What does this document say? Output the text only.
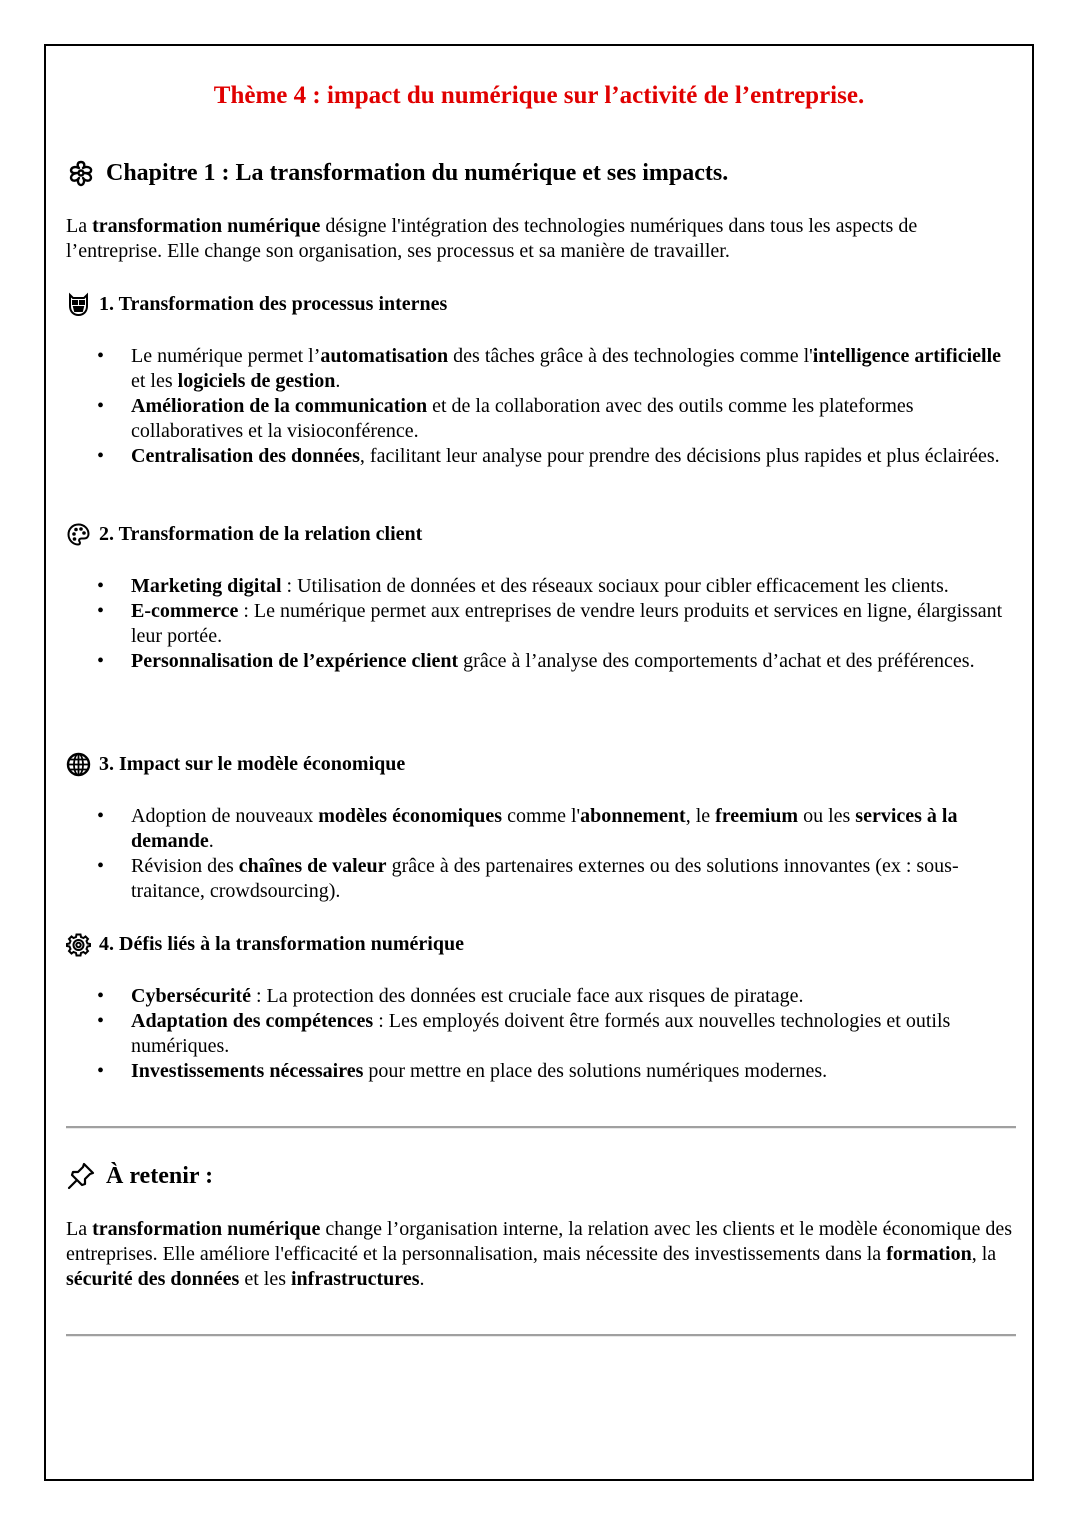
Thème 4 : impact du numérique sur l’activité de l’entreprise.
Chapitre 1 : La transformation du numérique et ses impacts.

La transformation numérique désigne l'intégration des technologies numériques dans tous les aspects de l’entreprise. Elle change son organisation, ses processus et sa manière de travailler.

1. Transformation des processus internes
• Le numérique permet l’automatisation des tâches grâce à des technologies comme l'intelligence artificielle et les logiciels de gestion.
• Amélioration de la communication et de la collaboration avec des outils comme les plateformes collaboratives et la visioconférence.
• Centralisation des données, facilitant leur analyse pour prendre des décisions plus rapides et plus éclairées.
2. Transformation de la relation client
• Marketing digital : Utilisation de données et des réseaux sociaux pour cibler efficacement les clients.
• E-commerce : Le numérique permet aux entreprises de vendre leurs produits et services en ligne, élargissant leur portée.
• Personnalisation de l’expérience client grâce à l’analyse des comportements d’achat et des préférences.
3. Impact sur le modèle économique
• Adoption de nouveaux modèles économiques comme l'abonnement, le freemium ou les services à la demande.
• Révision des chaînes de valeur grâce à des partenaires externes ou des solutions innovantes (ex : sous-traitance, crowdsourcing).
4. Défis liés à la transformation numérique
• Cybersécurité : La protection des données est cruciale face aux risques de piratage.
• Adaptation des compétences : Les employés doivent être formés aux nouvelles technologies et outils numériques.
• Investissements nécessaires pour mettre en place des solutions numériques modernes.
À retenir :

La transformation numérique change l’organisation interne, la relation avec les clients et le modèle économique des entreprises. Elle améliore l'efficacité et la personnalisation, mais nécessite des investissements dans la formation, la sécurité des données et les infrastructures.
